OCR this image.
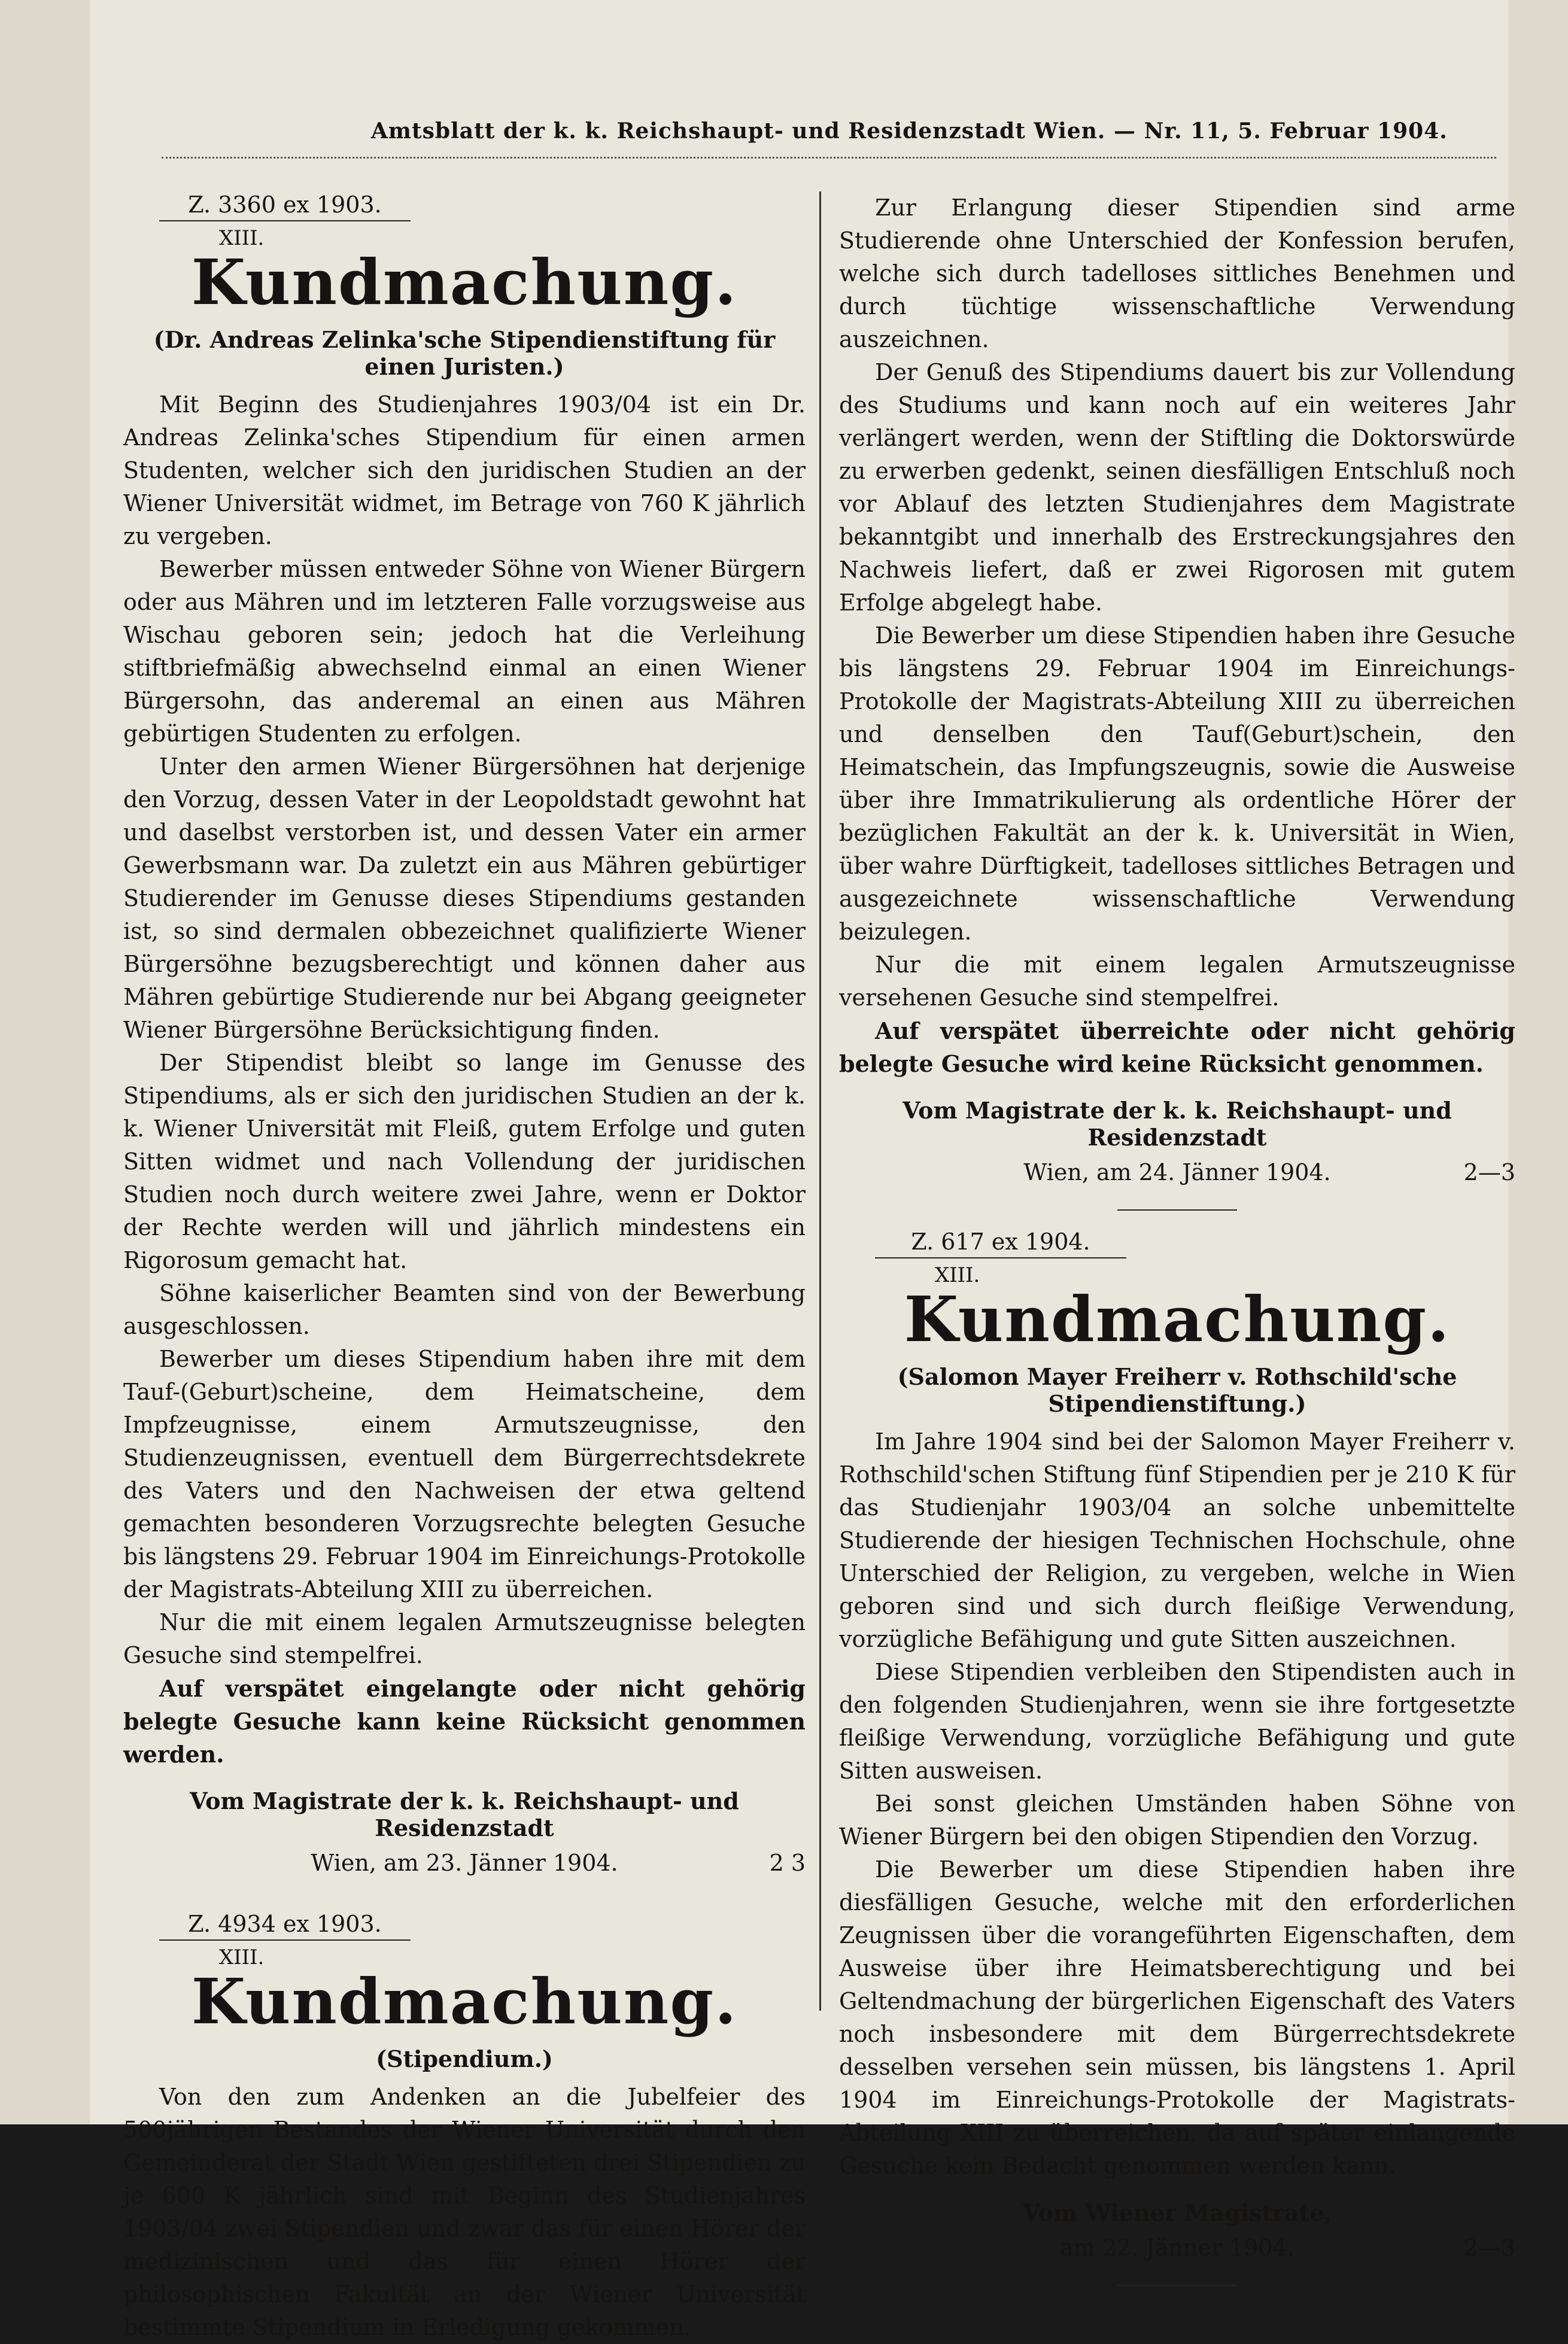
Amtsblatt der k. k. Reichshaupt- und Residenzstadt Wien. — Nr. 11, 5. Februar 1904.
Z. 3360 ex 1903.
XIII.
Kundmachung.
(Dr. Andreas Zelinka'sche Stipendienstiftung für einen Juristen.)

Mit Beginn des Studienjahres 1903/04 ist ein Dr. Andreas Zelinka'sches Stipendium für einen armen Studenten, welcher sich den juridischen Studien an der Wiener Universität widmet, im Betrage von 760 K jährlich zu vergeben.

Bewerber müssen entweder Söhne von Wiener Bürgern oder aus Mähren und im letzteren Falle vorzugsweise aus Wischau geboren sein; jedoch hat die Verleihung stiftbriefmäßig abwechselnd einmal an einen Wiener Bürgersohn, das anderemal an einen aus Mähren gebürtigen Studenten zu erfolgen.

Unter den armen Wiener Bürgersöhnen hat derjenige den Vorzug, dessen Vater in der Leopoldstadt gewohnt hat und daselbst verstorben ist, und dessen Vater ein armer Gewerbsmann war. Da zuletzt ein aus Mähren gebürtiger Studierender im Genusse dieses Stipendiums gestanden ist, so sind dermalen obbezeichnet qualifizierte Wiener Bürgersöhne bezugsberechtigt und können daher aus Mähren gebürtige Studierende nur bei Abgang geeigneter Wiener Bürgersöhne Berücksichtigung finden.

Der Stipendist bleibt so lange im Genusse des Stipendiums, als er sich den juridischen Studien an der k. k. Wiener Universität mit Fleiß, gutem Erfolge und guten Sitten widmet und nach Vollendung der juridischen Studien noch durch weitere zwei Jahre, wenn er Doktor der Rechte werden will und jährlich mindestens ein Rigorosum gemacht hat.

Söhne kaiserlicher Beamten sind von der Bewerbung ausgeschlossen.

Bewerber um dieses Stipendium haben ihre mit dem Tauf-(Geburt)scheine, dem Heimatscheine, dem Impfzeugnisse, einem Armutszeugnisse, den Studienzeugnissen, eventuell dem Bürgerrechtsdekrete des Vaters und den Nachweisen der etwa geltend gemachten besonderen Vorzugsrechte belegten Gesuche bis längstens 29. Februar 1904 im Einreichungs-Protokolle der Magistrats-Abteilung XIII zu überreichen.

Nur die mit einem legalen Armutszeugnisse belegten Gesuche sind stempelfrei.

Auf verspätet eingelangte oder nicht gehörig belegte Gesuche kann keine Rücksicht genommen werden.

Vom Magistrate der k. k. Reichshaupt- und Residenzstadt
Wien, am 23. Jänner 1904.	2 3
Z. 4934 ex 1903.
XIII.
Kundmachung.
(Stipendium.)

Von den zum Andenken an die Jubelfeier des 500jährigen Bestandes der Wiener Universität durch den Gemeinderat der Stadt Wien gestifteten drei Stipendien zu je 600 K jährlich sind mit Beginn des Studienjahres 1903/04 zwei Stipendien und zwar das für einen Hörer der medizinischen und das für einen Hörer der philosophischen Fakultät an der Wiener Universität bestimmte Stipendium in Erledigung gekommen.

Zur Erlangung dieser Stipendien sind arme Studierende ohne Unterschied der Konfession berufen, welche sich durch tadelloses sittliches Benehmen und durch tüchtige wissenschaftliche Verwendung auszeichnen.

Der Genuß des Stipendiums dauert bis zur Vollendung des Studiums und kann noch auf ein weiteres Jahr verlängert werden, wenn der Stiftling die Doktorswürde zu erwerben gedenkt, seinen diesfälligen Entschluß noch vor Ablauf des letzten Studienjahres dem Magistrate bekanntgibt und innerhalb des Erstreckungsjahres den Nachweis liefert, daß er zwei Rigorosen mit gutem Erfolge abgelegt habe.

Die Bewerber um diese Stipendien haben ihre Gesuche bis längstens 29. Februar 1904 im Einreichungs-Protokolle der Magistrats-Abteilung XIII zu überreichen und denselben den Tauf(Geburt)schein, den Heimatschein, das Impfungszeugnis, sowie die Ausweise über ihre Immatrikulierung als ordentliche Hörer der bezüglichen Fakultät an der k. k. Universität in Wien, über wahre Dürftigkeit, tadelloses sittliches Betragen und ausgezeichnete wissenschaftliche Verwendung beizulegen.

Nur die mit einem legalen Armutszeugnisse versehenen Gesuche sind stempelfrei.

Auf verspätet überreichte oder nicht gehörig belegte Gesuche wird keine Rücksicht genommen.

Vom Magistrate der k. k. Reichshaupt- und Residenzstadt
Wien, am 24. Jänner 1904.	2—3
Z. 617 ex 1904.
XIII.
Kundmachung.
(Salomon Mayer Freiherr v. Rothschild'sche Stipendienstiftung.)

Im Jahre 1904 sind bei der Salomon Mayer Freiherr v. Rothschild'schen Stiftung fünf Stipendien per je 210 K für das Studienjahr 1903/04 an solche unbemittelte Studierende der hiesigen Technischen Hochschule, ohne Unterschied der Religion, zu vergeben, welche in Wien geboren sind und sich durch fleißige Verwendung, vorzügliche Befähigung und gute Sitten auszeichnen.

Diese Stipendien verbleiben den Stipendisten auch in den folgenden Studienjahren, wenn sie ihre fortgesetzte fleißige Verwendung, vorzügliche Befähigung und gute Sitten ausweisen.

Bei sonst gleichen Umständen haben Söhne von Wiener Bürgern bei den obigen Stipendien den Vorzug.

Die Bewerber um diese Stipendien haben ihre diesfälligen Gesuche, welche mit den erforderlichen Zeugnissen über die vorangeführten Eigenschaften, dem Ausweise über ihre Heimatsberechtigung und bei Geltendmachung der bürgerlichen Eigenschaft des Vaters noch insbesondere mit dem Bürgerrechtsdekrete desselben versehen sein müssen, bis längstens 1. April 1904 im Einreichungs-Protokolle der Magistrats-Abteilung XIII zu überreichen, da auf später einlangende Gesuche kein Bedacht genommen werden kann.

Vom Wiener Magistrate,
am 22. Jänner 1904.	2—3
